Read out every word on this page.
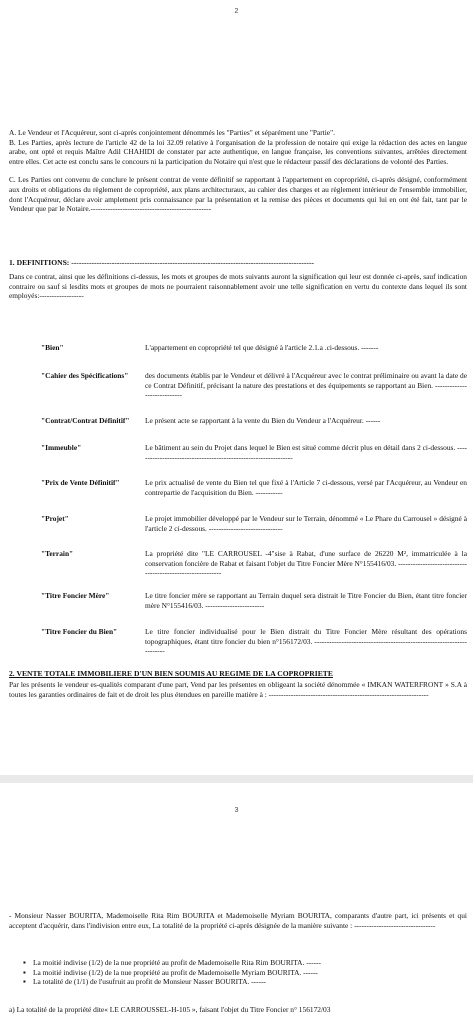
2

A. Le Vendeur et l'Acquéreur, sont ci-après conjointement dénommés les "Parties" et séparément une "Partie".

B. Les Parties, après lecture de l'article 42 de la loi 32.09 relative à l'organisation de la profession de notaire qui exige la rédaction des actes en langue arabe, ont opté et requis Maître Adil CHAHIDI de constater par acte authentique, en langue française, les conventions suivantes, arrêtées directement entre elles. Cet acte est conclu sans le concours ni la participation du Notaire qui n'est que le rédacteur passif des déclarations de volonté des Parties.

C. Les Parties ont convenu de conclure le présent contrat de vente définitif se rapportant à l'appartement en copropriété, ci-après désigné, conformément aux droits et obligations du règlement de copropriété, aux plans architecturaux, au cahier des charges et au règlement intérieur de l'ensemble immobilier, dont l'Acquéreur, déclare avoir amplement pris connaissance par la présentation et la remise des pièces et documents qui lui en ont été fait, tant par le Vendeur que par le Notaire.-------------------------------------------------

1. DEFINITIONS: ------------------------------------------------------------------------------------------------
Dans ce contrat, ainsi que les définitions ci-dessus, les mots et groupes de mots suivants auront la signification qui leur est donnée ci-après, sauf indication contraire ou sauf si lesdits mots et groupes de mots ne pourraient raisonnablement avoir une telle signification en vertu du contexte dans lequel ils sont employés:------------------
"Bien"	L'appartement en copropriété tel que désigné à l'article 2.1.a .ci-dessous. -------
"Cahier des Spécifications"	des documents établis par le Vendeur et délivré à l'Acquéreur avec le contrat préliminaire ou avant la date de ce Contrat Définitif, précisant la nature des prestations et des équipements se rapportant au Bien. ----------------------------
"Contrat/Contrat Définitif" Le présent acte se rapportant à la vente du Bien du Vendeur a l'Acquéreur. ------
"Immeuble"	Le bâtiment au sein du Projet dans lequel le Bien est situé comme décrit plus en détail dans 2 ci-dessous. ----------------------------------------------------------------
"Prix de Vente Définitif"	Le prix actualisé de vente du Bien tel que fixé à l'Article 7 ci-dessous, versé par l'Acquéreur, au Vendeur en contrepartie de l'acquisition du Bien. -----------
"Projet"	Le projet immobilier développé par le Vendeur sur le Terrain, dénommé « Le Phare du Carrousel » désigné à l'article 2 ci-dessous. ------------------------------
"Terrain"	La propriété dite "LE CARROUSEL -4"sise à Rabat, d'une surface de 26220 M², immatriculée à la conservation foncière de Rabat et faisant l'objet du Titre Foncier Mère N°155416/03. -----------------------------------------------------------
"Titre Foncier Mère"	Le titre foncier mère se rapportant au Terrain duquel sera distrait le Titre Foncier du Bien, étant titre foncier mère N°155416/03. ------------------------
"Titre Foncier du Bien"	Le titre foncier individualisé pour le Bien distrait du Titre Foncier Mère résultant des opérations topographiques, étant titre foncier du bien n°156172/03. ----------------------------------------------------------------------
2. VENTE TOTALE IMMOBILIERE D'UN BIEN SOUMIS AU REGIME DE LA COPROPRIETE
Par les présents le vendeur es-qualités comparant d'une part, Vend par les présentes en obligeant la société dénommée « IMKAN WATERFRONT » S.A à toutes les garanties ordinaires de fait et de droit les plus étendues en pareille matière à : -----------------------------------------------------------------
3
- Monsieur Nasser BOURITA, Mademoiselle Rita Rim BOURITA et Mademoiselle Myriam BOURITA, comparants d'autre part, ici présents et qui acceptent d'acquérir, dans l'indivision entre eux, La totalité de la propriété ci-après désignée de la manière suivante : ---------------------------------
▪ La moitié indivise (1/2) de la nue propriété au profit de Mademoiselle Rita Rim BOURITA. ------
▪ La moitié indivise (1/2) de la nue propriété au profit de Mademoiselle Myriam BOURITA. ------
▪ La totalité de (1/1) de l'usufruit au profit de Monsieur Nasser BOURITA. ------
a) La totalité de la propriété dite« LE CARROUSSEL-H-105 », faisant l'objet du Titre Foncier n° 156172/03
